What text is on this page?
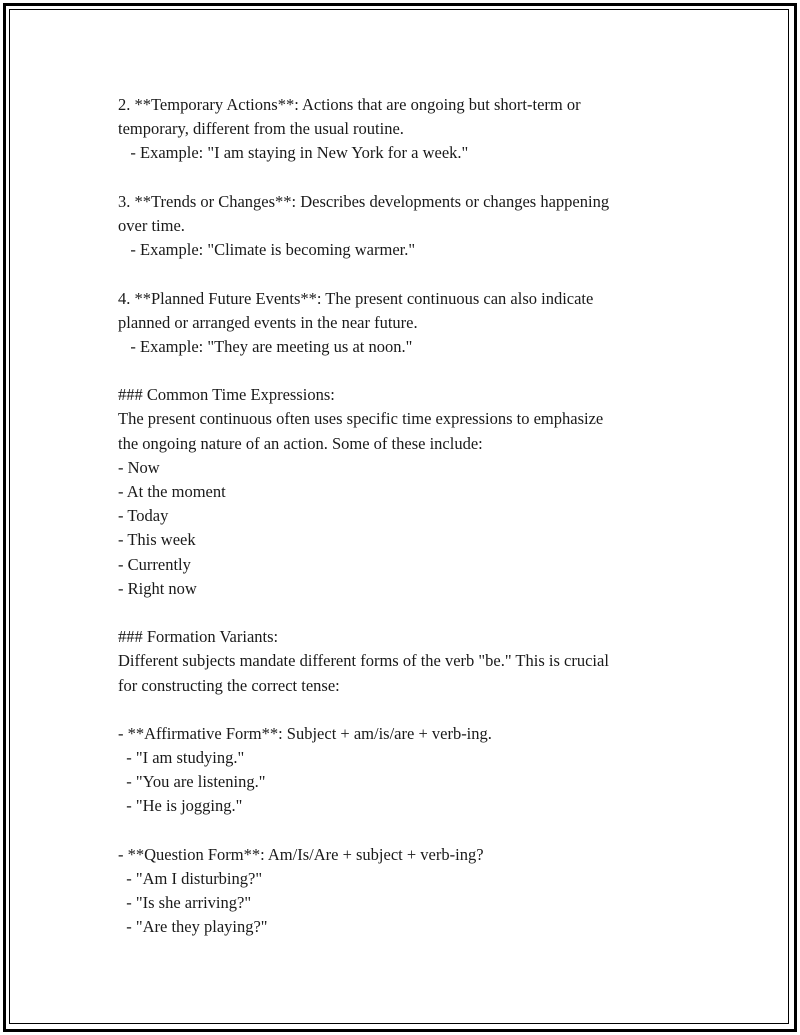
2. **Temporary Actions**: Actions that are ongoing but short-term or
temporary, different from the usual routine.
- Example: "I am staying in New York for a week."
3. **Trends or Changes**: Describes developments or changes happening
over time.
- Example: "Climate is becoming warmer."
4. **Planned Future Events**: The present continuous can also indicate
planned or arranged events in the near future.
- Example: "They are meeting us at noon."
### Common Time Expressions:
The present continuous often uses specific time expressions to emphasize
the ongoing nature of an action. Some of these include:
- Now
- At the moment
- Today
- This week
- Currently
- Right now
### Formation Variants:
Different subjects mandate different forms of the verb "be." This is crucial
for constructing the correct tense:
- **Affirmative Form**: Subject + am/is/are + verb-ing.
- "I am studying."
- "You are listening."
- "He is jogging."
- **Question Form**: Am/Is/Are + subject + verb-ing?
- "Am I disturbing?"
- "Is she arriving?"
- "Are they playing?"
